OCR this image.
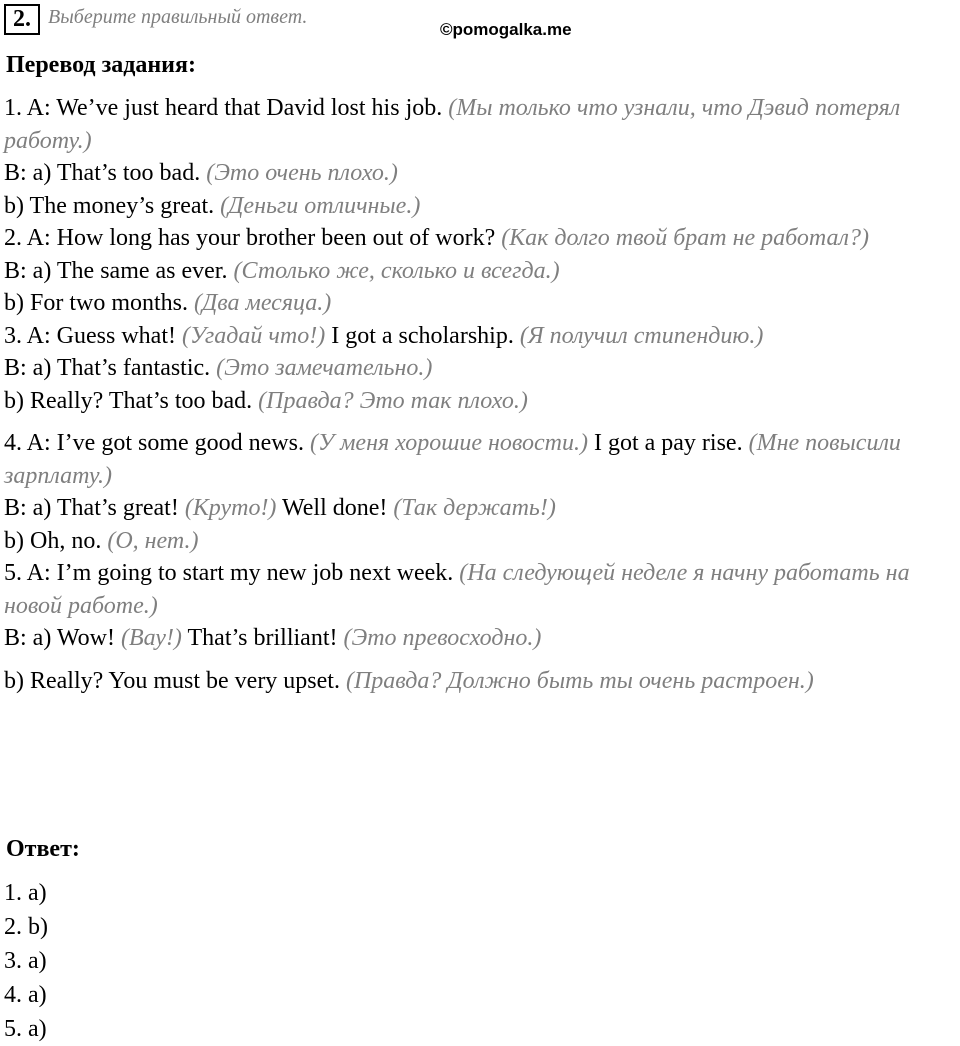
2. Выберите правильный ответ.
©pomogalka.me
Перевод задания:
1. A: We’ve just heard that David lost his job. (Мы только что узнали, что Дэвид потерял работу.)
B: a) That’s too bad. (Это очень плохо.)
b) The money’s great. (Деньги отличные.)
2. A: How long has your brother been out of work? (Как долго твой брат не работал?)
B: a) The same as ever. (Столько же, сколько и всегда.)
b) For two months. (Два месяца.)
3. A: Guess what! (Угадай что!) I got a scholarship. (Я получил стипендию.)
B: a) That’s fantastic. (Это замечательно.)
b) Really? That’s too bad. (Правда? Это так плохо.)
4. A: I’ve got some good news. (У меня хорошие новости.) I got a pay rise. (Мне повысили зарплату.)
B: a) That’s great! (Круто!) Well done! (Так держать!)
b) Oh, no. (О, нет.)
5. A: I’m going to start my new job next week. (На следующей неделе я начну работать на новой работе.)
B: a) Wow! (Вау!) That’s brilliant! (Это превосходно.)
b) Really? You must be very upset. (Правда? Должно быть ты очень растроен.)
Ответ:
1. a)
2. b)
3. a)
4. a)
5. a)
